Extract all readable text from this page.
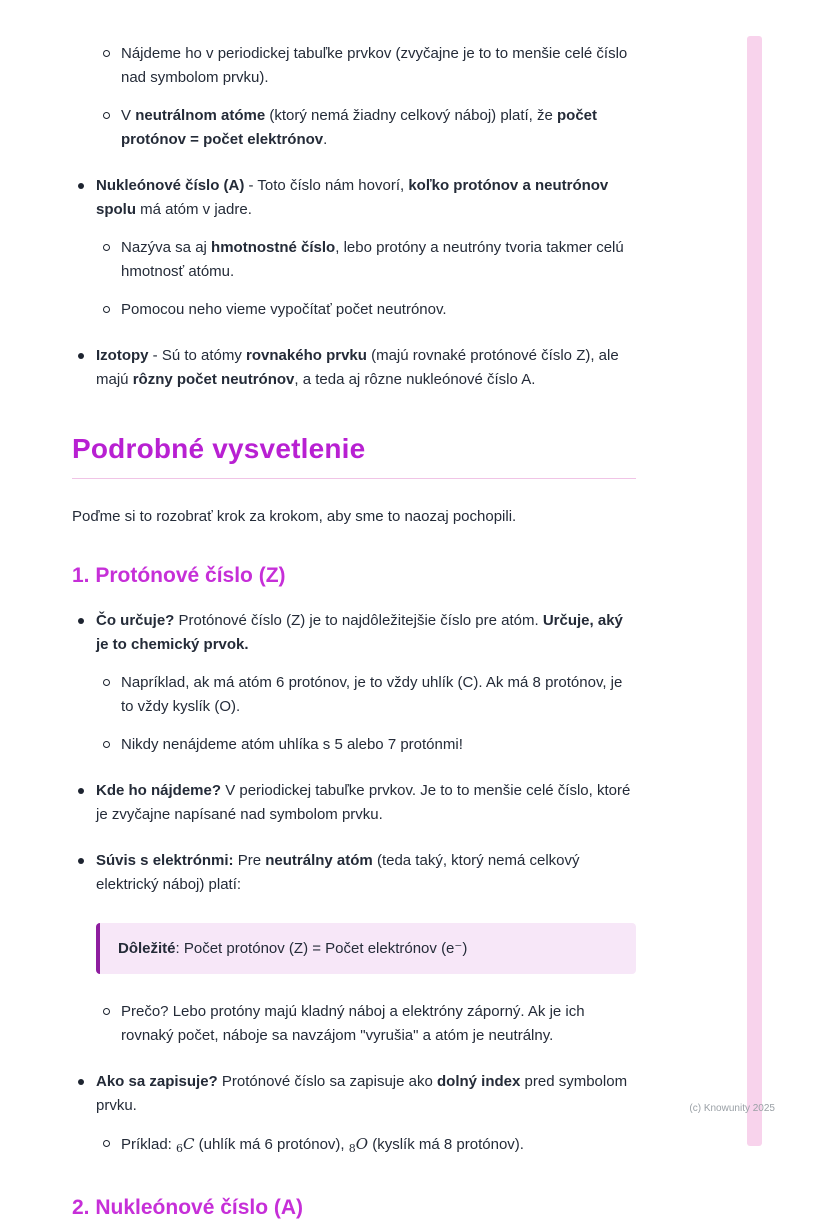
Nájdeme ho v periodickej tabuľke prvkov (zvyčajne je to to menšie celé číslo nad symbolom prvku).
V neutrálnom atóme (ktorý nemá žiadny celkový náboj) platí, že počet protónov = počet elektrónov.
Nukleónové číslo (A) - Toto číslo nám hovorí, koľko protónov a neutrónov spolu má atóm v jadre.
Nazýva sa aj hmotnostné číslo, lebo protóny a neutróny tvoria takmer celú hmotnosť atómu.
Pomocou neho vieme vypočítať počet neutrónov.
Izotopy - Sú to atómy rovnakého prvku (majú rovnaké protónové číslo Z), ale majú rôzny počet neutrónov, a teda aj rôzne nukleónové číslo A.
Podrobné vysvetlenie

Poďme si to rozobrať krok za krokom, aby sme to naozaj pochopili.

1. Protónové číslo (Z)
Čo určuje? Protónové číslo (Z) je to najdôležitejšie číslo pre atóm. Určuje, aký je to chemický prvok.
Napríklad, ak má atóm 6 protónov, je to vždy uhlík (C). Ak má 8 protónov, je to vždy kyslík (O).
Nikdy nenájdeme atóm uhlíka s 5 alebo 7 protónmi!
Kde ho nájdeme? V periodickej tabuľke prvkov. Je to to menšie celé číslo, ktoré je zvyčajne napísané nad symbolom prvku.
Súvis s elektrónmi: Pre neutrálny atóm (teda taký, ktorý nemá celkový elektrický náboj) platí:
Dôležité: Počet protónov (Z) = Počet elektrónov (e⁻)
Prečo? Lebo protóny majú kladný náboj a elektróny záporný. Ak je ich rovnaký počet, náboje sa navzájom "vyrušia" a atóm je neutrálny.
Ako sa zapisuje? Protónové číslo sa zapisuje ako dolný index pred symbolom prvku.
Príklad: $_6$C (uhlík má 6 protónov), $_8$O (kyslík má 8 protónov).
2. Nukleónové číslo (A)
(c) Knowunity 2025
